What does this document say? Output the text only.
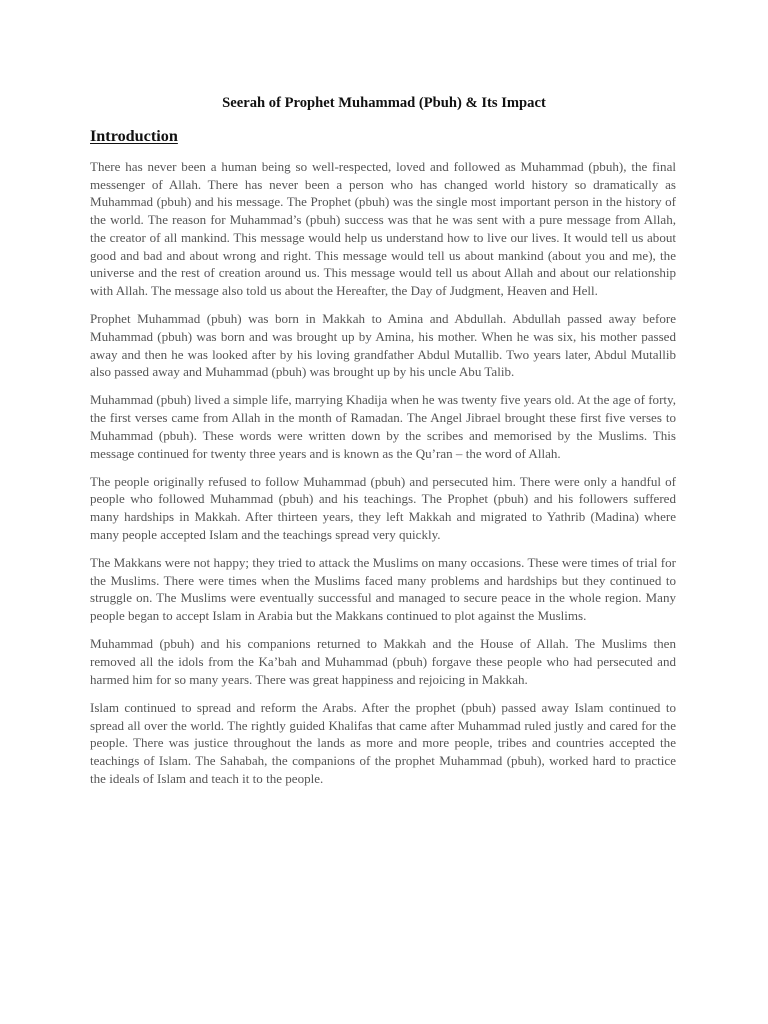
Seerah of Prophet Muhammad (Pbuh) & Its Impact
Introduction

There has never been a human being so well-respected, loved and followed as Muhammad (pbuh), the final messenger of Allah. There has never been a person who has changed world history so dramatically as Muhammad (pbuh) and his message. The Prophet (pbuh) was the single most important person in the history of the world. The reason for Muhammad’s (pbuh) success was that he was sent with a pure message from Allah, the creator of all mankind. This message would help us understand how to live our lives. It would tell us about good and bad and about wrong and right. This message would tell us about mankind (about you and me), the universe and the rest of creation around us. This message would tell us about Allah and about our relationship with Allah. The message also told us about the Hereafter, the Day of Judgment, Heaven and Hell.

Prophet Muhammad (pbuh) was born in Makkah to Amina and Abdullah. Abdullah passed away before Muhammad (pbuh) was born and was brought up by Amina, his mother. When he was six, his mother passed away and then he was looked after by his loving grandfather Abdul Mutallib. Two years later, Abdul Mutallib also passed away and Muhammad (pbuh) was brought up by his uncle Abu Talib.

Muhammad (pbuh) lived a simple life, marrying Khadija when he was twenty five years old. At the age of forty, the first verses came from Allah in the month of Ramadan. The Angel Jibrael brought these first five verses to Muhammad (pbuh). These words were written down by the scribes and memorised by the Muslims. This message continued for twenty three years and is known as the Qu’ran – the word of Allah.

The people originally refused to follow Muhammad (pbuh) and persecuted him. There were only a handful of people who followed Muhammad (pbuh) and his teachings. The Prophet (pbuh) and his followers suffered many hardships in Makkah. After thirteen years, they left Makkah and migrated to Yathrib (Madina) where many people accepted Islam and the teachings spread very quickly.

The Makkans were not happy; they tried to attack the Muslims on many occasions. These were times of trial for the Muslims. There were times when the Muslims faced many problems and hardships but they continued to struggle on. The Muslims were eventually successful and managed to secure peace in the whole region. Many people began to accept Islam in Arabia but the Makkans continued to plot against the Muslims.

Muhammad (pbuh) and his companions returned to Makkah and the House of Allah. The Muslims then removed all the idols from the Ka’bah and Muhammad (pbuh) forgave these people who had persecuted and harmed him for so many years. There was great happiness and rejoicing in Makkah.

Islam continued to spread and reform the Arabs. After the prophet (pbuh) passed away Islam continued to spread all over the world. The rightly guided Khalifas that came after Muhammad ruled justly and cared for the people. There was justice throughout the lands as more and more people, tribes and countries accepted the teachings of Islam. The Sahabah, the companions of the prophet Muhammad (pbuh), worked hard to practice the ideals of Islam and teach it to the people.
